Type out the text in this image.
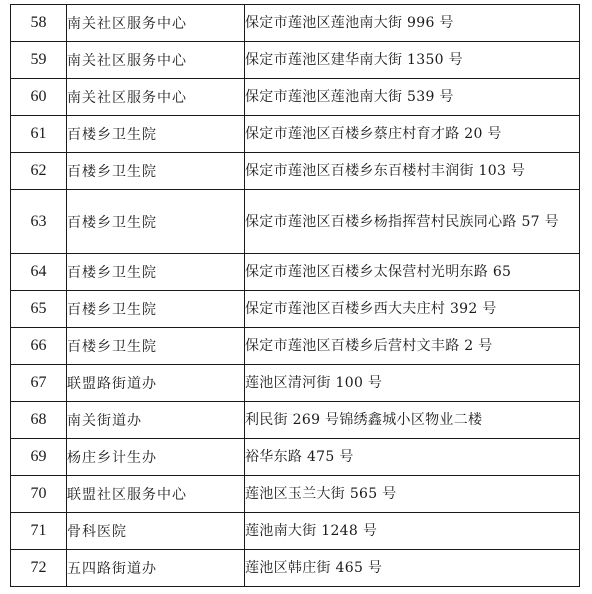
58	南关社区服务中心	保定市莲池区莲池南大街 996 号
59	南关社区服务中心	保定市莲池区建华南大街 1350 号
60	南关社区服务中心	保定市莲池区莲池南大街 539 号
61	百楼乡卫生院	保定市莲池区百楼乡蔡庄村育才路 20 号
62	百楼乡卫生院	保定市莲池区百楼乡东百楼村丰润街 103 号
63	百楼乡卫生院	保定市莲池区百楼乡杨指挥营村民族同心路 57 号
64	百楼乡卫生院	保定市莲池区百楼乡太保营村光明东路 65
65	百楼乡卫生院	保定市莲池区百楼乡西大夫庄村 392 号
66	百楼乡卫生院	保定市莲池区百楼乡后营村文丰路 2 号
67	联盟路街道办	莲池区清河街 100 号
68	南关街道办	利民街 269 号锦绣鑫城小区物业二楼
69	杨庄乡计生办	裕华东路 475 号
70	联盟社区服务中心	莲池区玉兰大街 565 号
71	骨科医院	莲池南大街 1248 号
72	五四路街道办	莲池区韩庄街 465 号
